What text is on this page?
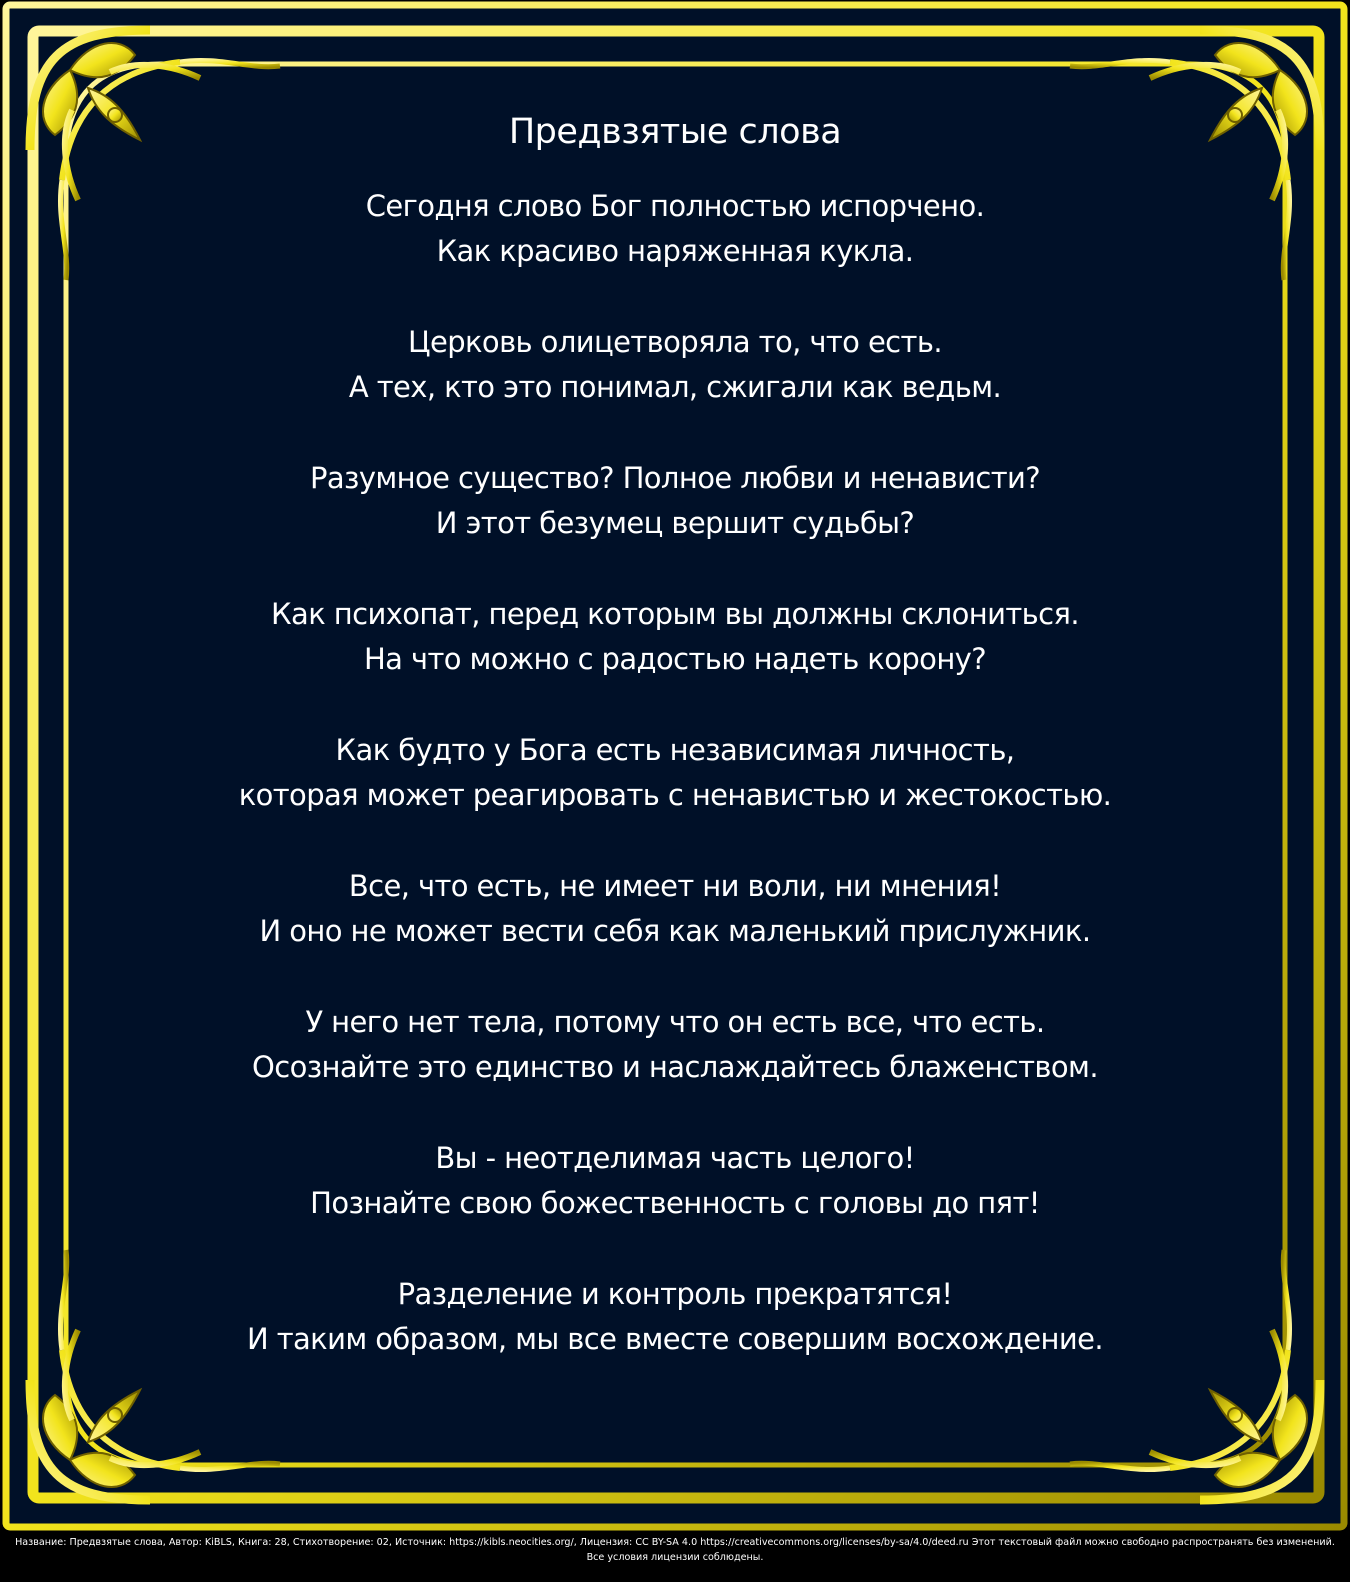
Предвзятые слова
Сегодня слово Бог полностью испорчено.
Как красиво наряженная кукла.
Церковь олицетворяла то, что есть.
А тех, кто это понимал, сжигали как ведьм.
Разумное существо? Полное любви и ненависти?
И этот безумец вершит судьбы?
Как психопат, перед которым вы должны склониться.
На что можно с радостью надеть корону?
Как будто у Бога есть независимая личность,
которая может реагировать с ненавистью и жестокостью.
Все, что есть, не имеет ни воли, ни мнения!
И оно не может вести себя как маленький прислужник.
У него нет тела, потому что он есть все, что есть.
Осознайте это единство и наслаждайтесь блаженством.
Вы - неотделимая часть целого!
Познайте свою божественность с головы до пят!
Разделение и контроль прекратятся!
И таким образом, мы все вместе совершим восхождение.
Название: Предвзятые слова, Автор: KiBLS, Книга: 28, Стихотворение: 02, Источник: https://kibls.neocities.org/, Лицензия: CC BY-SA 4.0 https://creativecommons.org/licenses/by-sa/4.0/deed.ru Этот текстовый файл можно свободно распространять без изменений. Все условия лицензии соблюдены.
